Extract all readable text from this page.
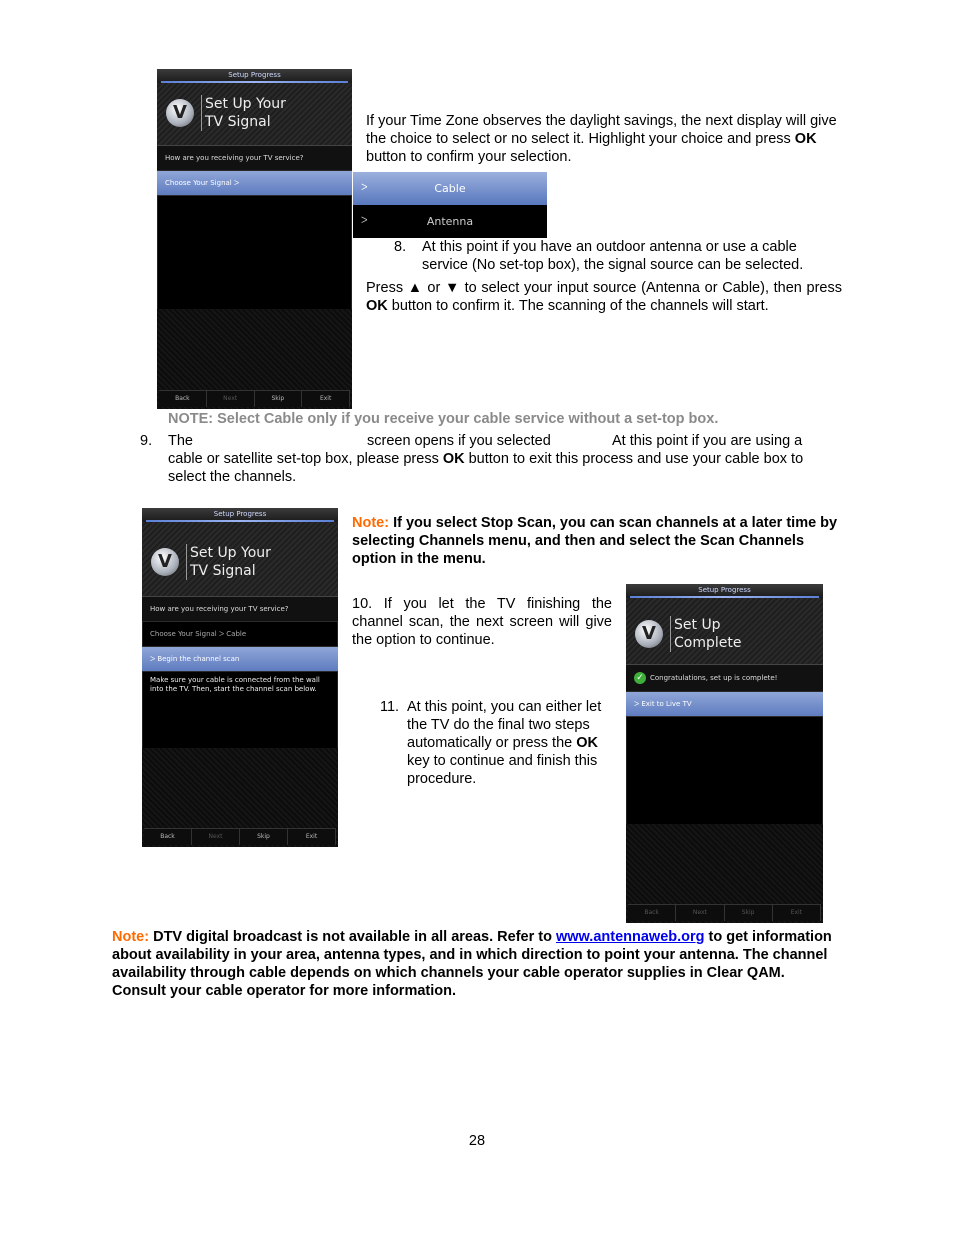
Setup Progress
V	Set Up Your
TV Signal
How are you receiving your TV service?
Choose Your Signal ᐳ
Back	Next	Skip	Exit

If your Time Zone observes the daylight savings, the next display will give the choice to select or no select it. Highlight your choice and press OK button to confirm your selection.

ᐳ	Cable
ᐳ	Antenna
8. At this point if you have an outdoor antenna or use a cable service (No set-top box), the signal source can be selected.

Press ▲ or ▼ to select your input source (Antenna or Cable), then press OK button to confirm it. The scanning of the channels will start.

NOTE: Select Cable only if you receive your cable service without a set-top box.

9. The	screen opens if you selected	At this point if you are using a

cable or satellite set-top box, please press OK button to exit this process and use your cable box to select the channels.

Setup Progress
V	Set Up Your
TV Signal
How are you receiving your TV service?
Choose Your Signal ᐳ Cable
ᐳ Begin the channel scan
Make sure your cable is connected from the wall into the TV. Then, start the channel scan below.
Back	Next	Skip	Exit

Note: If you select Stop Scan, you can scan channels at a later time by selecting Channels menu, and then and select the Scan Channels option in the menu.

10. If you let the TV finishing the channel scan, the next screen will give the option to continue.

11. At this point, you can either let the TV do the final two steps automatically or press the OK key to continue and finish this procedure.

Setup Progress
V	Set Up
Complete
✓ Congratulations, set up is complete!
ᐳ Exit to Live TV
Back	Next	Skip	Exit

Note: DTV digital broadcast is not available in all areas. Refer to www.antennaweb.org to get information about availability in your area, antenna types, and in which direction to point your antenna. The channel availability through cable depends on which channels your cable operator supplies in Clear QAM. Consult your cable operator for more information.

28
